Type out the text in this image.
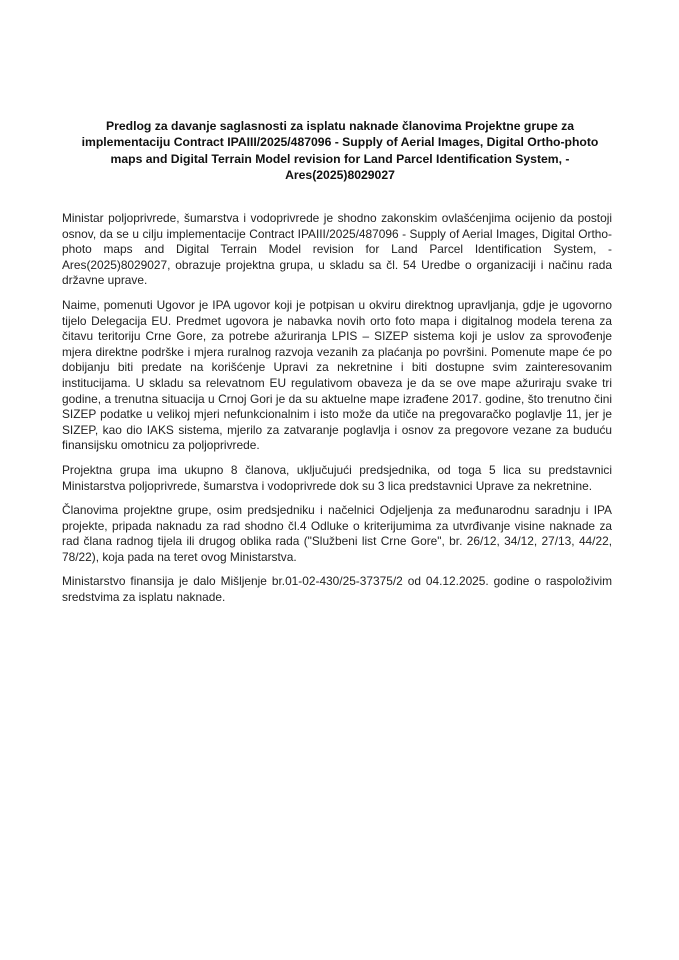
Predlog za davanje saglasnosti za isplatu naknade članovima Projektne grupe za implementaciju Contract IPAIII/2025/487096 - Supply of Aerial Images, Digital Ortho-photo maps and Digital Terrain Model revision for Land Parcel Identification System, - Ares(2025)8029027

Ministar poljoprivrede, šumarstva i vodoprivrede je shodno zakonskim ovlašćenjima ocijenio da postoji osnov, da se u cilju implementacije Contract IPAIII/2025/487096 - Supply of Aerial Images, Digital Ortho-photo maps and Digital Terrain Model revision for Land Parcel Identification System, - Ares(2025)8029027, obrazuje projektna grupa, u skladu sa čl. 54 Uredbe o organizaciji i načinu rada državne uprave.

Naime, pomenuti Ugovor je IPA ugovor koji je potpisan u okviru direktnog upravljanja, gdje je ugovorno tijelo Delegacija EU. Predmet ugovora je nabavka novih orto foto mapa i digitalnog modela terena za čitavu teritoriju Crne Gore, za potrebe ažuriranja LPIS – SIZEP sistema koji je uslov za sprovođenje mjera direktne podrške i mjera ruralnog razvoja vezanih za plaćanja po površini. Pomenute mape će po dobijanju biti predate na korišćenje Upravi za nekretnine i biti dostupne svim zainteresovanim institucijama. U skladu sa relevatnom EU regulativom obaveza je da se ove mape ažuriraju svake tri godine, a trenutna situacija u Crnoj Gori je da su aktuelne mape izrađene 2017. godine, što trenutno čini SIZEP podatke u velikoj mjeri nefunkcionalnim i isto može da utiče na pregovaračko poglavlje 11, jer je SIZEP, kao dio IAKS sistema, mjerilo za zatvaranje poglavlja i osnov za pregovore vezane za buduću finansijsku omotnicu za poljoprivrede.

Projektna grupa ima ukupno 8 članova, uključujući predsjednika, od toga 5 lica su predstavnici Ministarstva poljoprivrede, šumarstva i vodoprivrede dok su 3 lica predstavnici Uprave za nekretnine.

Članovima projektne grupe, osim predsjedniku i načelnici Odjeljenja za međunarodnu saradnju i IPA projekte, pripada naknadu za rad shodno čl.4 Odluke o kriterijumima za utvrđivanje visine naknade za rad člana radnog tijela ili drugog oblika rada ("Službeni list Crne Gore", br. 26/12, 34/12, 27/13, 44/22, 78/22), koja pada na teret ovog Ministarstva.

Ministarstvo finansija je dalo Mišljenje br.01-02-430/25-37375/2 od 04.12.2025. godine o raspoloživim sredstvima za isplatu naknade.
